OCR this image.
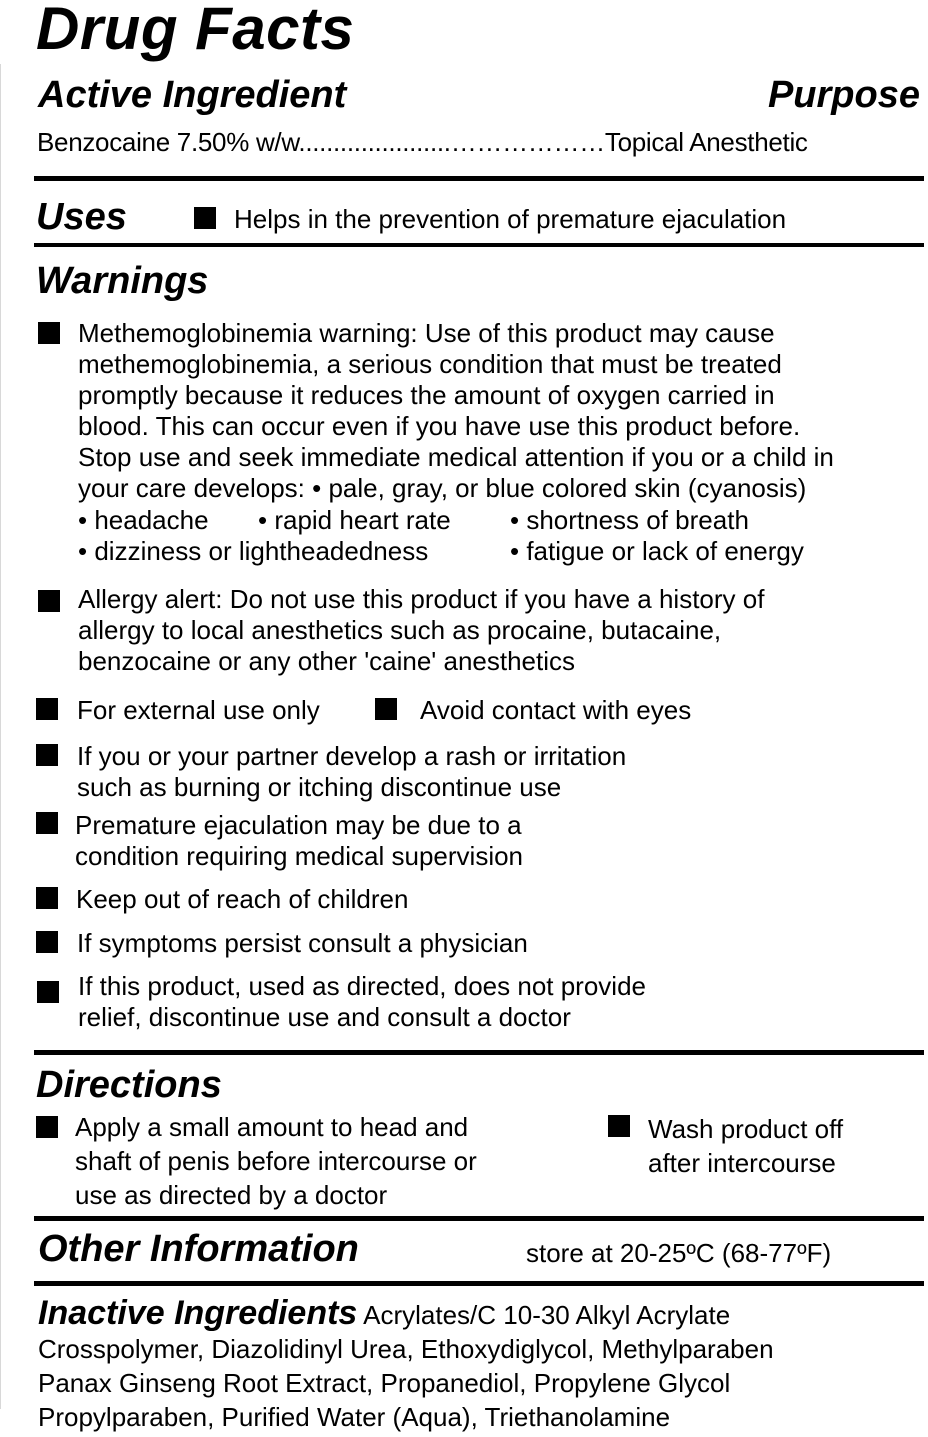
Drug Facts
Active Ingredient	Purpose
Benzocaine 7.50% w/w......................………………Topical Anesthetic
Uses	Helps in the prevention of premature ejaculation
Warnings
Methemoglobinemia warning: Use of this product may cause
methemoglobinemia, a serious condition that must be treated
promptly because it reduces the amount of oxygen carried in
blood. This can occur even if you have use this product before.
Stop use and seek immediate medical attention if you or a child in
your care develops: • pale, gray, or blue colored skin (cyanosis)
• headache • rapid heart rate • shortness of breath
• dizziness or lightheadedness	• fatigue or lack of energy
Allergy alert: Do not use this product if you have a history of
allergy to local anesthetics such as procaine, butacaine,
benzocaine or any other 'caine' anesthetics
For external use only	Avoid contact with eyes
If you or your partner develop a rash or irritation
such as burning or itching discontinue use
Premature ejaculation may be due to a
condition requiring medical supervision
Keep out of reach of children
If symptoms persist consult a physician
If this product, used as directed, does not provide
relief, discontinue use and consult a doctor
Directions
Apply a small amount to head and
shaft of penis before intercourse or
use as directed by a doctor
Wash product off
after intercourse
Other Information	store at 20-25ºC (68-77ºF)
Inactive Ingredients Acrylates/C 10-30 Alkyl Acrylate
Crosspolymer, Diazolidinyl Urea, Ethoxydiglycol, Methylparaben
Panax Ginseng Root Extract, Propanediol, Propylene Glycol
Propylparaben, Purified Water (Aqua), Triethanolamine
